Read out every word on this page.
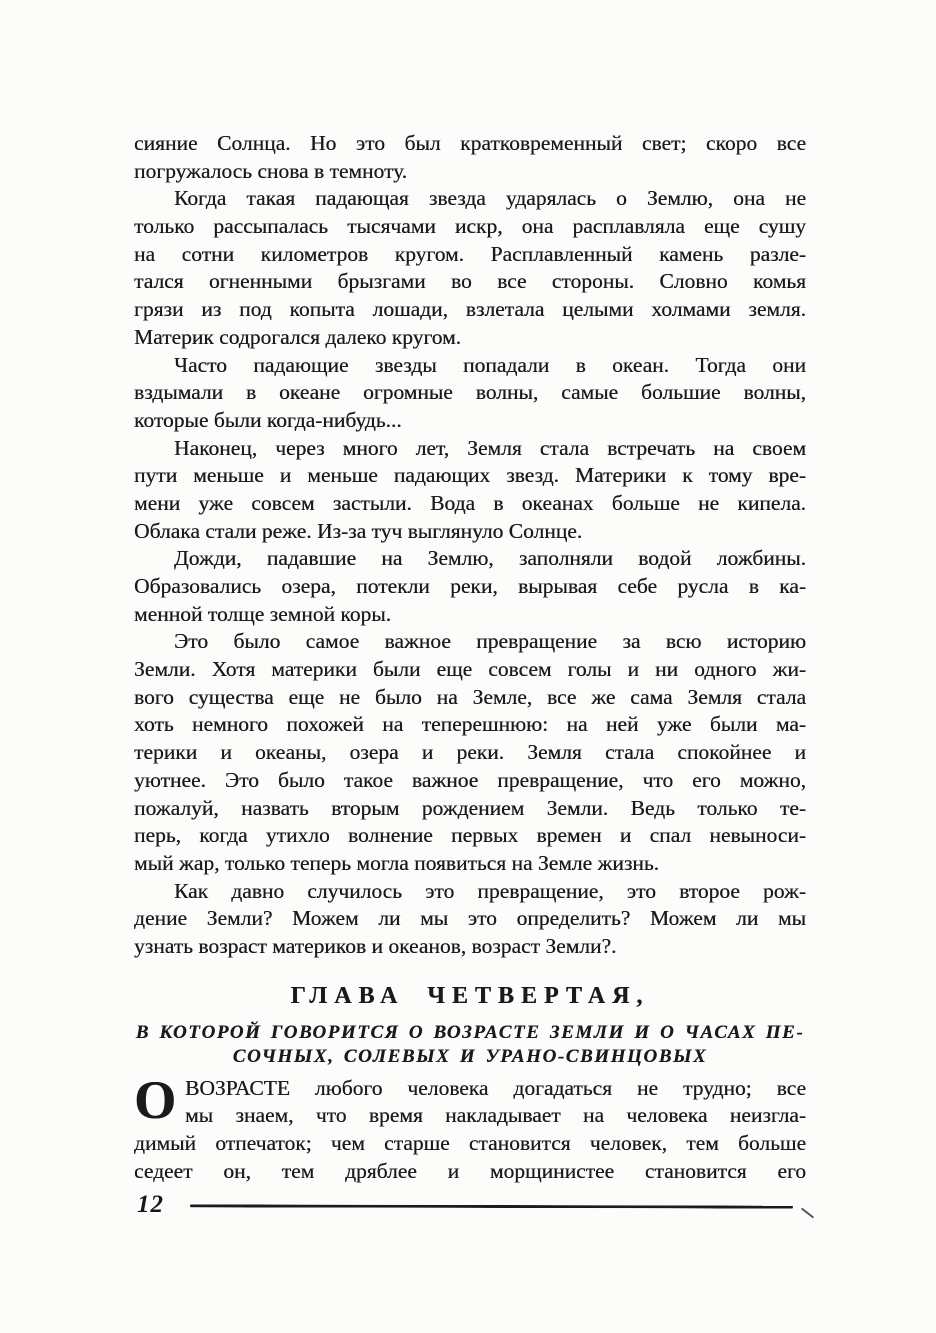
сияние Солнца. Но это был кратковременный свет; скоро все
погружалось снова в темноту.
Когда такая падающая звезда ударялась о Землю, она не
только рассыпалась тысячами искр, она расплавляла еще сушу
на сотни километров кругом. Расплавленный камень разле-
тался огненными брызгами во все стороны. Словно комья
грязи из под копыта лошади, взлетала целыми холмами земля.
Материк содрогался далеко кругом.
Часто падающие звезды попадали в океан. Тогда они
вздымали в океане огромные волны, самые большие волны,
которые были когда-нибудь...
Наконец, через много лет, Земля стала встречать на своем
пути меньше и меньше падающих звезд. Материки к тому вре-
мени уже совсем застыли. Вода в океанах больше не кипела.
Облака стали реже. Из-за туч выглянуло Солнце.
Дожди, падавшие на Землю, заполняли водой ложбины.
Образовались озера, потекли реки, вырывая себе русла в ка-
менной толще земной коры.
Это было самое важное превращение за всю историю
Земли. Хотя материки были еще совсем голы и ни одного жи-
вого существа еще не было на Земле, все же сама Земля стала
хоть немного похожей на теперешнюю: на ней уже были ма-
терики и океаны, озера и реки. Земля стала спокойнее и
уютнее. Это было такое важное превращение, что его можно,
пожалуй, назвать вторым рождением Земли. Ведь только те-
перь, когда утихло волнение первых времен и спал невыноси-
мый жар, только теперь могла появиться на Земле жизнь.
Как давно случилось это превращение, это второе рож-
дение Земли? Можем ли мы это определить? Можем ли мы
узнать возраст материков и океанов, возраст Земли?.
ГЛАВА ЧЕТВЕРТАЯ,
В КОТОРОЙ ГОВОРИТСЯ О ВОЗРАСТЕ ЗЕМЛИ И О ЧАСАХ ПЕ-
СОЧНЫХ, СОЛЕВЫХ И УРАНО-СВИНЦОВЫХ
О ВОЗРАСТЕ любого человека догадаться не трудно; все
мы знаем, что время накладывает на человека неизгла-
димый отпечаток; чем старше становится человек, тем больше
седеет он, тем дряблее и морщинистее становится его
12
